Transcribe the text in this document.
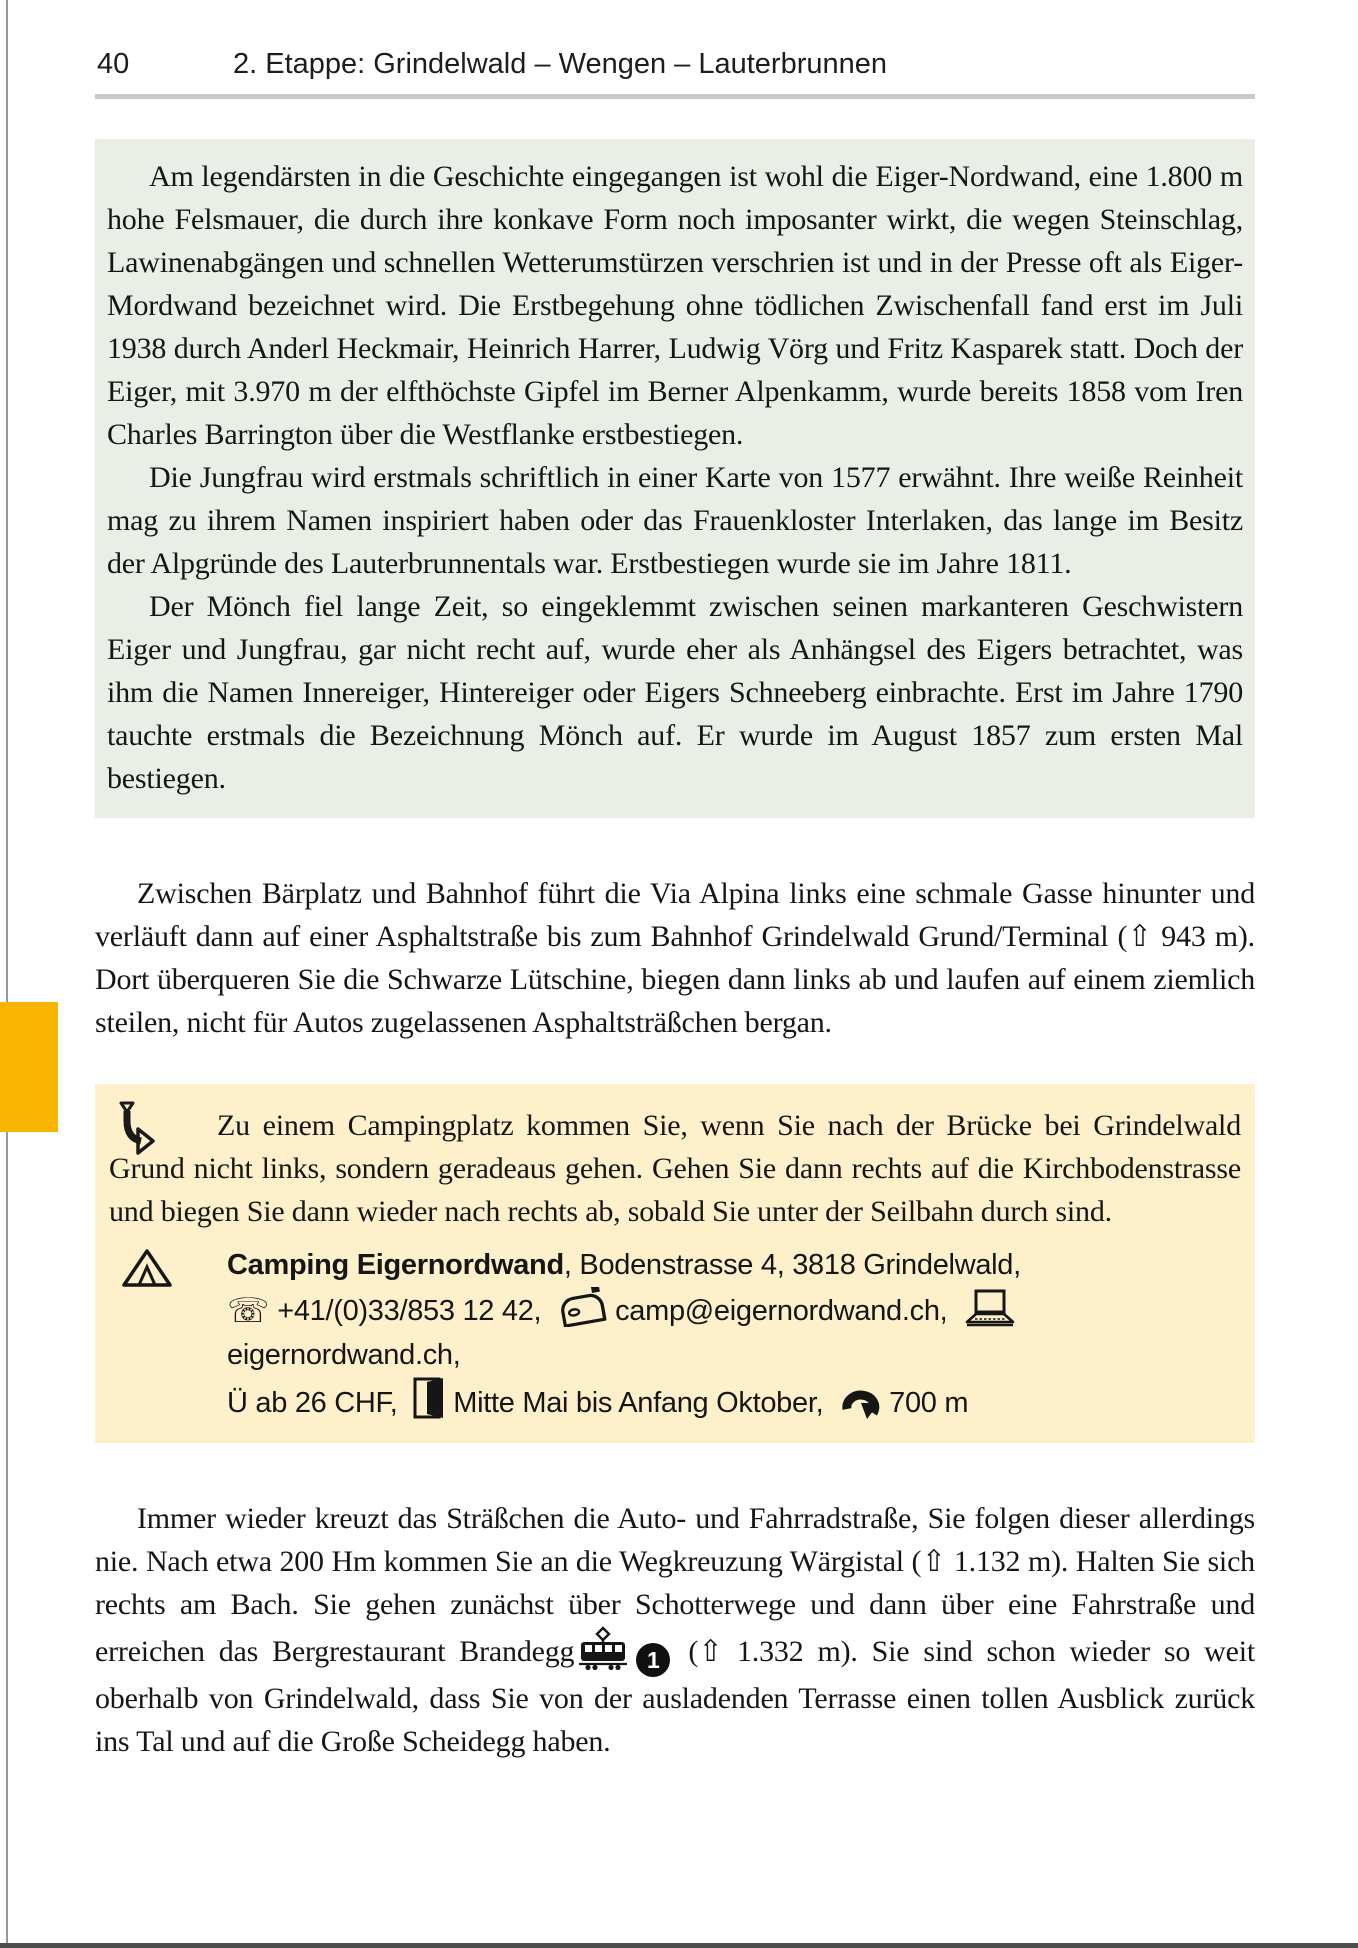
40	2. Etappe: Grindelwald – Wengen – Lauterbrunnen

Am legendärsten in die Geschichte eingegangen ist wohl die Eiger-Nordwand, eine 1.800 m hohe Felsmauer, die durch ihre konkave Form noch imposanter wirkt, die wegen Steinschlag, Lawinenabgängen und schnellen Wetterumstürzen verschrien ist und in der Presse oft als Eiger-Mordwand bezeichnet wird. Die Erstbegehung ohne tödlichen Zwischenfall fand erst im Juli 1938 durch Anderl Heckmair, Heinrich Harrer, Ludwig Vörg und Fritz Kasparek statt. Doch der Eiger, mit 3.970 m der elfthöchste Gipfel im Berner Alpenkamm, wurde bereits 1858 vom Iren Charles Barrington über die Westflanke erstbestiegen.

Die Jungfrau wird erstmals schriftlich in einer Karte von 1577 erwähnt. Ihre weiße Reinheit mag zu ihrem Namen inspiriert haben oder das Frauenkloster Interlaken, das lange im Besitz der Alpgründe des Lauterbrunnentals war. Erstbestiegen wurde sie im Jahre 1811.

Der Mönch fiel lange Zeit, so eingeklemmt zwischen seinen markanteren Geschwistern Eiger und Jungfrau, gar nicht recht auf, wurde eher als Anhängsel des Eigers betrachtet, was ihm die Namen Innereiger, Hintereiger oder Eigers Schneeberg einbrachte. Erst im Jahre 1790 tauchte erstmals die Bezeichnung Mönch auf. Er wurde im August 1857 zum ersten Mal bestiegen.

Zwischen Bärplatz und Bahnhof führt die Via Alpina links eine schmale Gasse hinunter und verläuft dann auf einer Asphaltstraße bis zum Bahnhof Grindelwald Grund/Terminal (⇧ 943 m). Dort überqueren Sie die Schwarze Lütschine, biegen dann links ab und laufen auf einem ziemlich steilen, nicht für Autos zugelassenen Asphaltsträßchen bergan.

Zu einem Campingplatz kommen Sie, wenn Sie nach der Brücke bei Grindelwald Grund nicht links, sondern geradeaus gehen. Gehen Sie dann rechts auf die Kirchbodenstrasse und biegen Sie dann wieder nach rechts ab, sobald Sie unter der Seilbahn durch sind.

Camping Eigernordwand, Bodenstrasse 4, 3818 Grindelwald,
☏ +41/(0)33/853 12 42,	camp@eigernordwand.ch,
eigernordwand.ch,
Ü ab 26 CHF, Mitte Mai bis Anfang Oktober, 700 m

Immer wieder kreuzt das Sträßchen die Auto- und Fahrradstraße, Sie folgen dieser allerdings nie. Nach etwa 200 Hm kommen Sie an die Wegkreuzung Wärgistal (⇧ 1.132 m). Halten Sie sich rechts am Bach. Sie gehen zunächst über Schotterwege und dann über eine Fahrstraße und erreichen das Bergrestaurant Brandegg	1 (⇧ 1.332 m). Sie sind schon wieder so weit oberhalb von Grindelwald, dass Sie von der ausladenden Terrasse einen tollen Ausblick zurück ins Tal und auf die Große Scheidegg haben.
